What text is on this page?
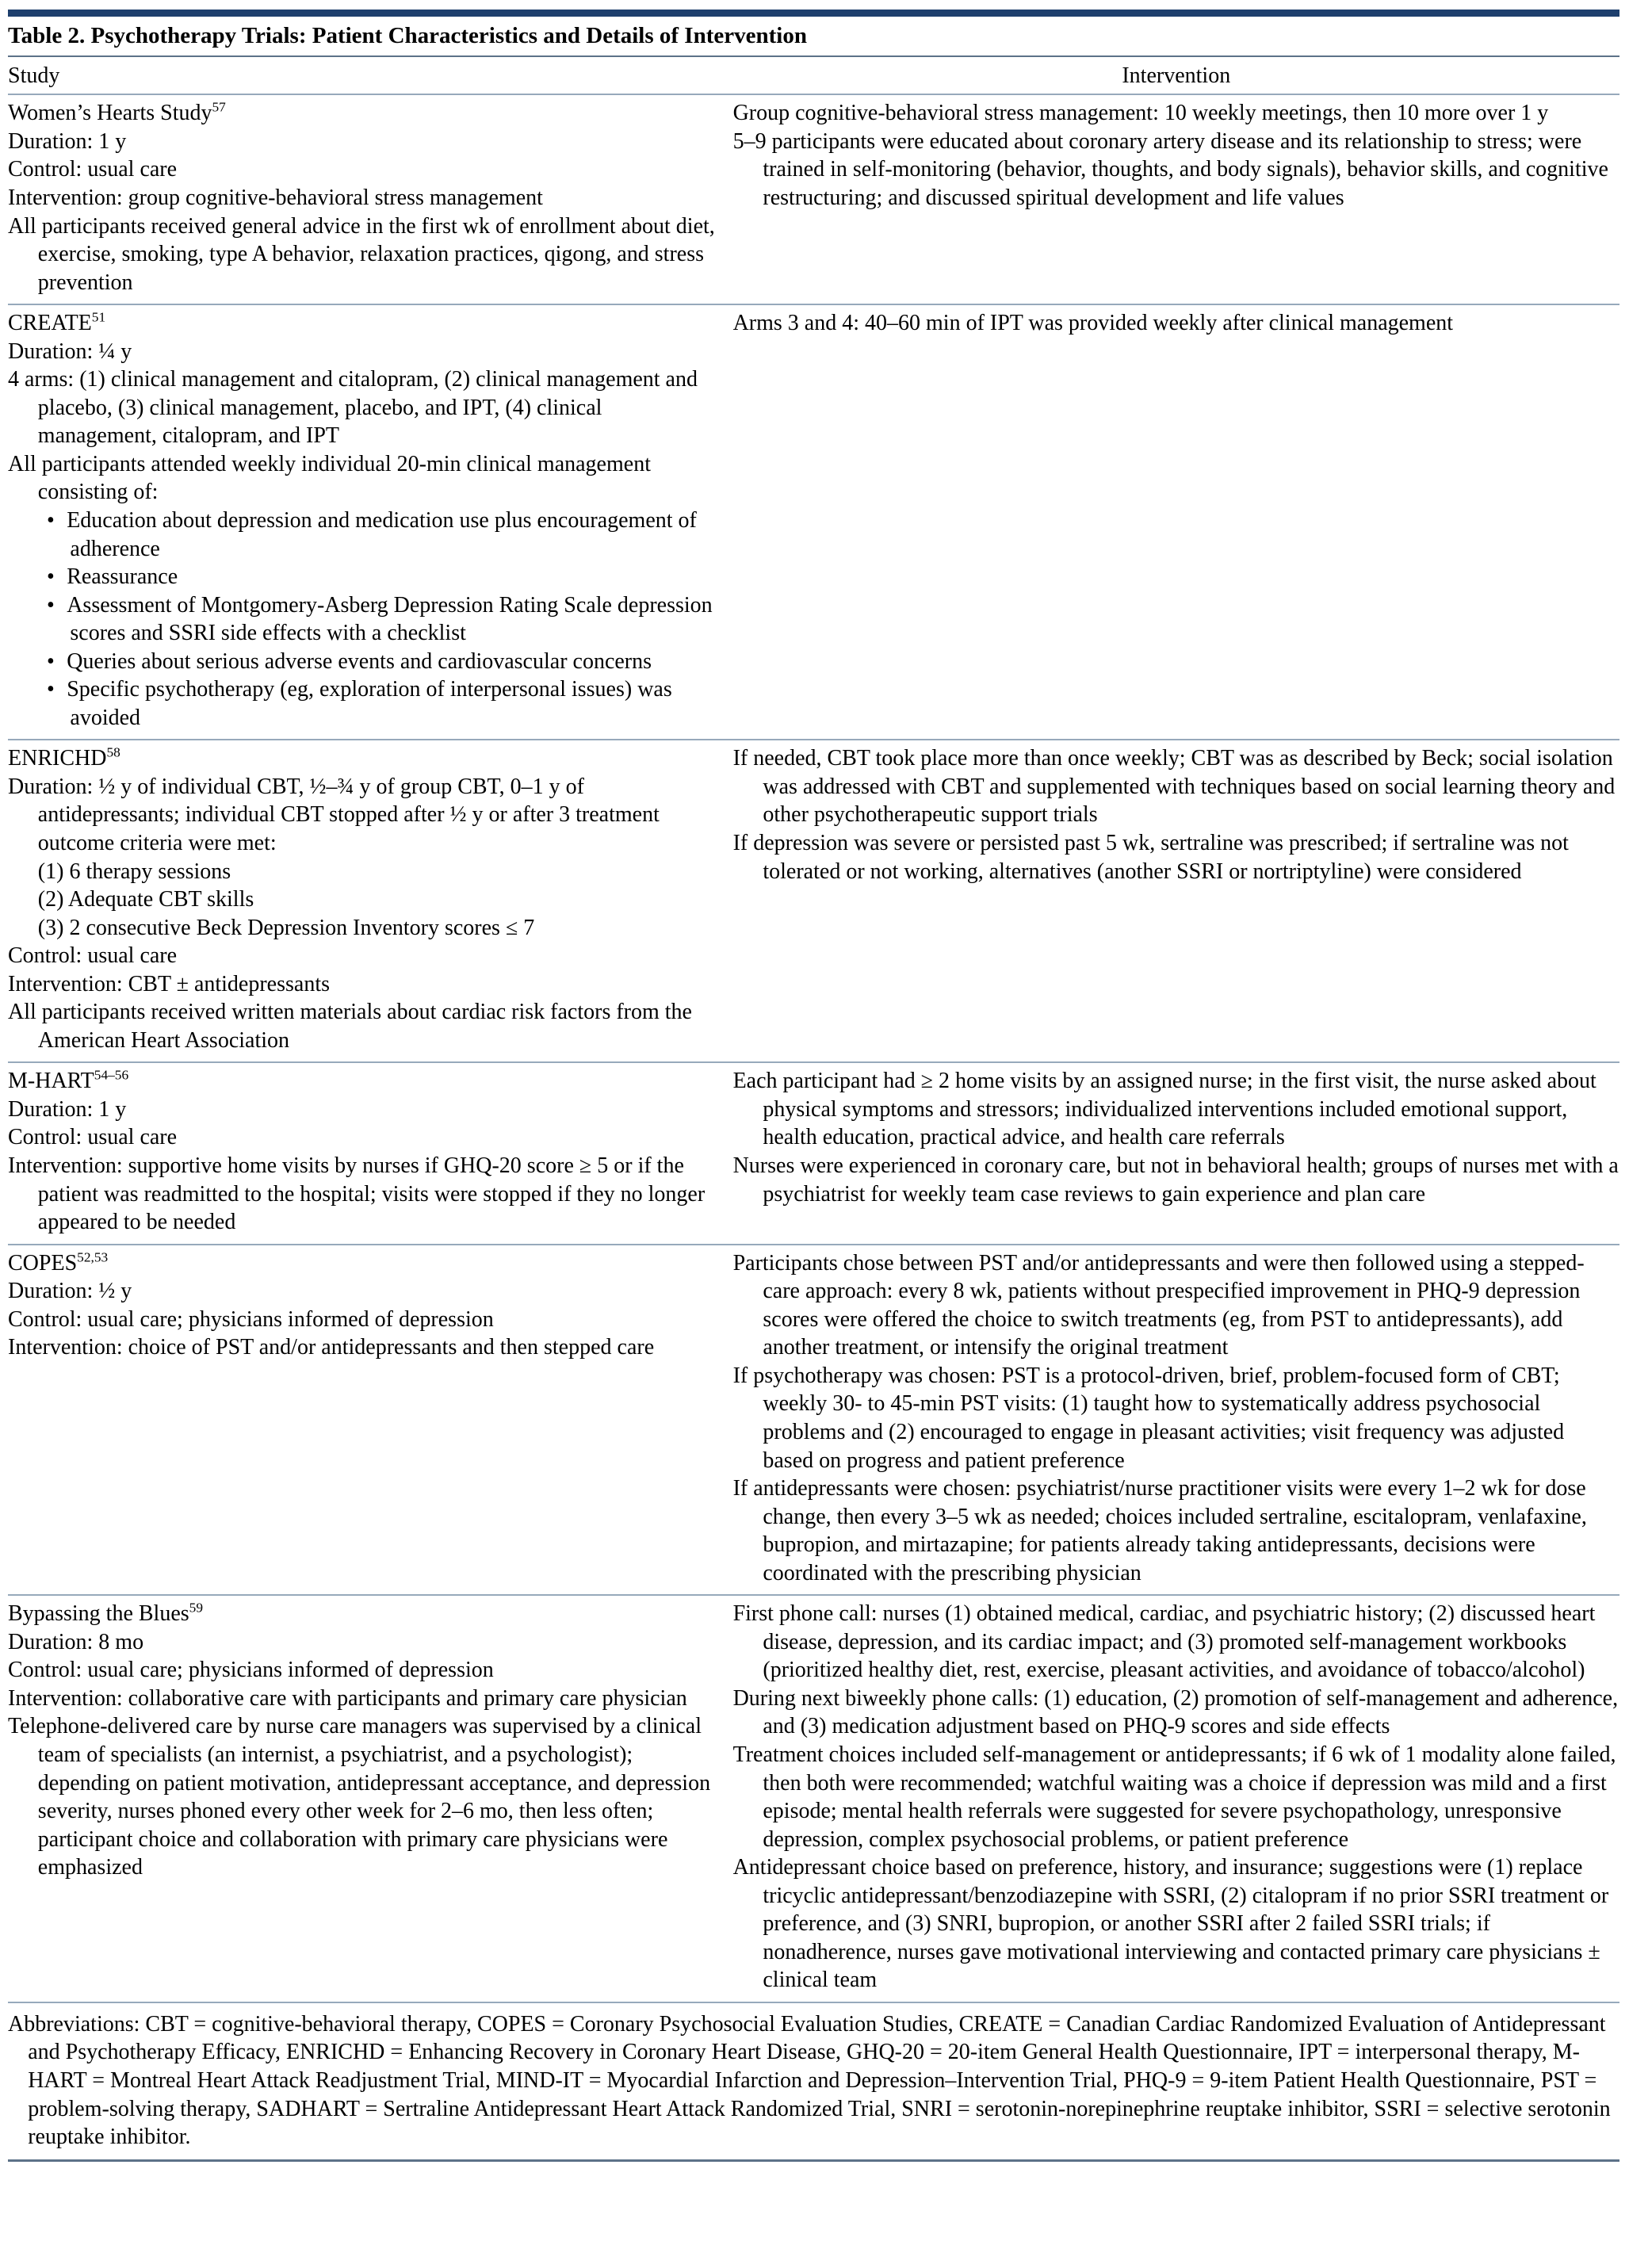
Table 2. Psychotherapy Trials: Patient Characteristics and Details of Intervention
Study	Intervention
Women’s Hearts Study$^{57}$
Duration: 1 y
Control: usual care
Intervention: group cognitive-behavioral stress management
All participants received general advice in the first wk of enrollment about diet, exercise, smoking, type A behavior, relaxation practices, qigong, and stress prevention
Group cognitive-behavioral stress management: 10 weekly meetings, then 10 more over 1 y
5–9 participants were educated about coronary artery disease and its relationship to stress; were trained in self-monitoring (behavior, thoughts, and body signals), behavior skills, and cognitive restructuring; and discussed spiritual development and life values
CREATE$^{51}$
Duration: ¼ y
4 arms: (1) clinical management and citalopram, (2) clinical management and placebo, (3) clinical management, placebo, and IPT, (4) clinical management, citalopram, and IPT
All participants attended weekly individual 20-min clinical management consisting of:
• Education about depression and medication use plus encouragement of adherence
• Reassurance
• Assessment of Montgomery-Asberg Depression Rating Scale depression scores and SSRI side effects with a checklist
• Queries about serious adverse events and cardiovascular concerns
• Specific psychotherapy (eg, exploration of interpersonal issues) was avoided
Arms 3 and 4: 40–60 min of IPT was provided weekly after clinical management
ENRICHD$^{58}$
Duration: ½ y of individual CBT, ½–¾ y of group CBT, 0–1 y of antidepressants; individual CBT stopped after ½ y or after 3 treatment outcome criteria were met:
(1) 6 therapy sessions
(2) Adequate CBT skills
(3) 2 consecutive Beck Depression Inventory scores ≤ 7
Control: usual care
Intervention: CBT ± antidepressants
All participants received written materials about cardiac risk factors from the American Heart Association
If needed, CBT took place more than once weekly; CBT was as described by Beck; social isolation was addressed with CBT and supplemented with techniques based on social learning theory and other psychotherapeutic support trials
If depression was severe or persisted past 5 wk, sertraline was prescribed; if sertraline was not tolerated or not working, alternatives (another SSRI or nortriptyline) were considered
M-HART$^{54-56}$
Duration: 1 y
Control: usual care
Intervention: supportive home visits by nurses if GHQ-20 score ≥ 5 or if the patient was readmitted to the hospital; visits were stopped if they no longer appeared to be needed
Each participant had ≥ 2 home visits by an assigned nurse; in the first visit, the nurse asked about physical symptoms and stressors; individualized interventions included emotional support, health education, practical advice, and health care referrals
Nurses were experienced in coronary care, but not in behavioral health; groups of nurses met with a psychiatrist for weekly team case reviews to gain experience and plan care
COPES$^{52,53}$
Duration: ½ y
Control: usual care; physicians informed of depression
Intervention: choice of PST and/or antidepressants and then stepped care
Participants chose between PST and/or antidepressants and were then followed using a stepped-care approach: every 8 wk, patients without prespecified improvement in PHQ-9 depression scores were offered the choice to switch treatments (eg, from PST to antidepressants), add another treatment, or intensify the original treatment
If psychotherapy was chosen: PST is a protocol-driven, brief, problem-focused form of CBT; weekly 30- to 45-min PST visits: (1) taught how to systematically address psychosocial problems and (2) encouraged to engage in pleasant activities; visit frequency was adjusted based on progress and patient preference
If antidepressants were chosen: psychiatrist/nurse practitioner visits were every 1–2 wk for dose change, then every 3–5 wk as needed; choices included sertraline, escitalopram, venlafaxine, bupropion, and mirtazapine; for patients already taking antidepressants, decisions were coordinated with the prescribing physician
Bypassing the Blues$^{59}$
Duration: 8 mo
Control: usual care; physicians informed of depression
Intervention: collaborative care with participants and primary care physician
Telephone-delivered care by nurse care managers was supervised by a clinical team of specialists (an internist, a psychiatrist, and a psychologist); depending on patient motivation, antidepressant acceptance, and depression severity, nurses phoned every other week for 2–6 mo, then less often; participant choice and collaboration with primary care physicians were emphasized
First phone call: nurses (1) obtained medical, cardiac, and psychiatric history; (2) discussed heart disease, depression, and its cardiac impact; and (3) promoted self-management workbooks (prioritized healthy diet, rest, exercise, pleasant activities, and avoidance of tobacco/alcohol)
During next biweekly phone calls: (1) education, (2) promotion of self-management and adherence, and (3) medication adjustment based on PHQ-9 scores and side effects
Treatment choices included self-management or antidepressants; if 6 wk of 1 modality alone failed, then both were recommended; watchful waiting was a choice if depression was mild and a first episode; mental health referrals were suggested for severe psychopathology, unresponsive depression, complex psychosocial problems, or patient preference
Antidepressant choice based on preference, history, and insurance; suggestions were (1) replace tricyclic antidepressant/benzodiazepine with SSRI, (2) citalopram if no prior SSRI treatment or preference, and (3) SNRI, bupropion, or another SSRI after 2 failed SSRI trials; if nonadherence, nurses gave motivational interviewing and contacted primary care physicians ± clinical team
Abbreviations: CBT = cognitive-behavioral therapy, COPES = Coronary Psychosocial Evaluation Studies, CREATE = Canadian Cardiac Randomized Evaluation of Antidepressant and Psychotherapy Efficacy, ENRICHD = Enhancing Recovery in Coronary Heart Disease, GHQ-20 = 20-item General Health Questionnaire, IPT = interpersonal therapy, M-HART = Montreal Heart Attack Readjustment Trial, MIND-IT = Myocardial Infarction and Depression–Intervention Trial, PHQ-9 = 9-item Patient Health Questionnaire, PST = problem-solving therapy, SADHART = Sertraline Antidepressant Heart Attack Randomized Trial, SNRI = serotonin-norepinephrine reuptake inhibitor, SSRI = selective serotonin reuptake inhibitor.
